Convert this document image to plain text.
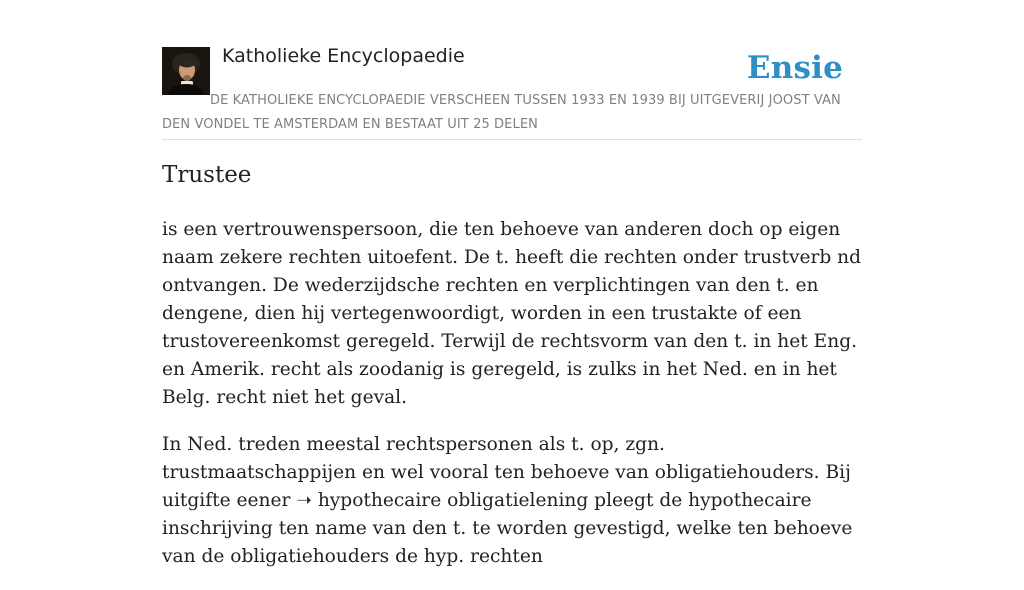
Katholieke Encyclopaedie	Ensie
DE KATHOLIEKE ENCYCLOPAEDIE VERSCHEEN TUSSEN 1933 EN 1939 BIJ UITGEVERIJ JOOST VAN DEN VONDEL TE AMSTERDAM EN BESTAAT UIT 25 DELEN
Trustee

is een vertrouwenspersoon, die ten behoeve van anderen doch op eigen naam zekere rechten uitoefent. De t. heeft die rechten onder trustverb nd ontvangen. De wederzijdsche rechten en verplichtingen van den t. en dengene, dien hij vertegenwoordigt, worden in een trustakte of een trustovereenkomst geregeld. Terwijl de rechtsvorm van den t. in het Eng. en Amerik. recht als zoodanig is geregeld, is zulks in het Ned. en in het Belg. recht niet het geval.

In Ned. treden meestal rechtspersonen als t. op, zgn. trustmaatschappijen en wel vooral ten behoeve van obligatiehouders. Bij uitgifte eener ➝ hypothecaire obligatielening pleegt de hypothecaire inschrijving ten name van den t. te worden gevestigd, welke ten behoeve van de obligatiehouders de hyp. rechten
